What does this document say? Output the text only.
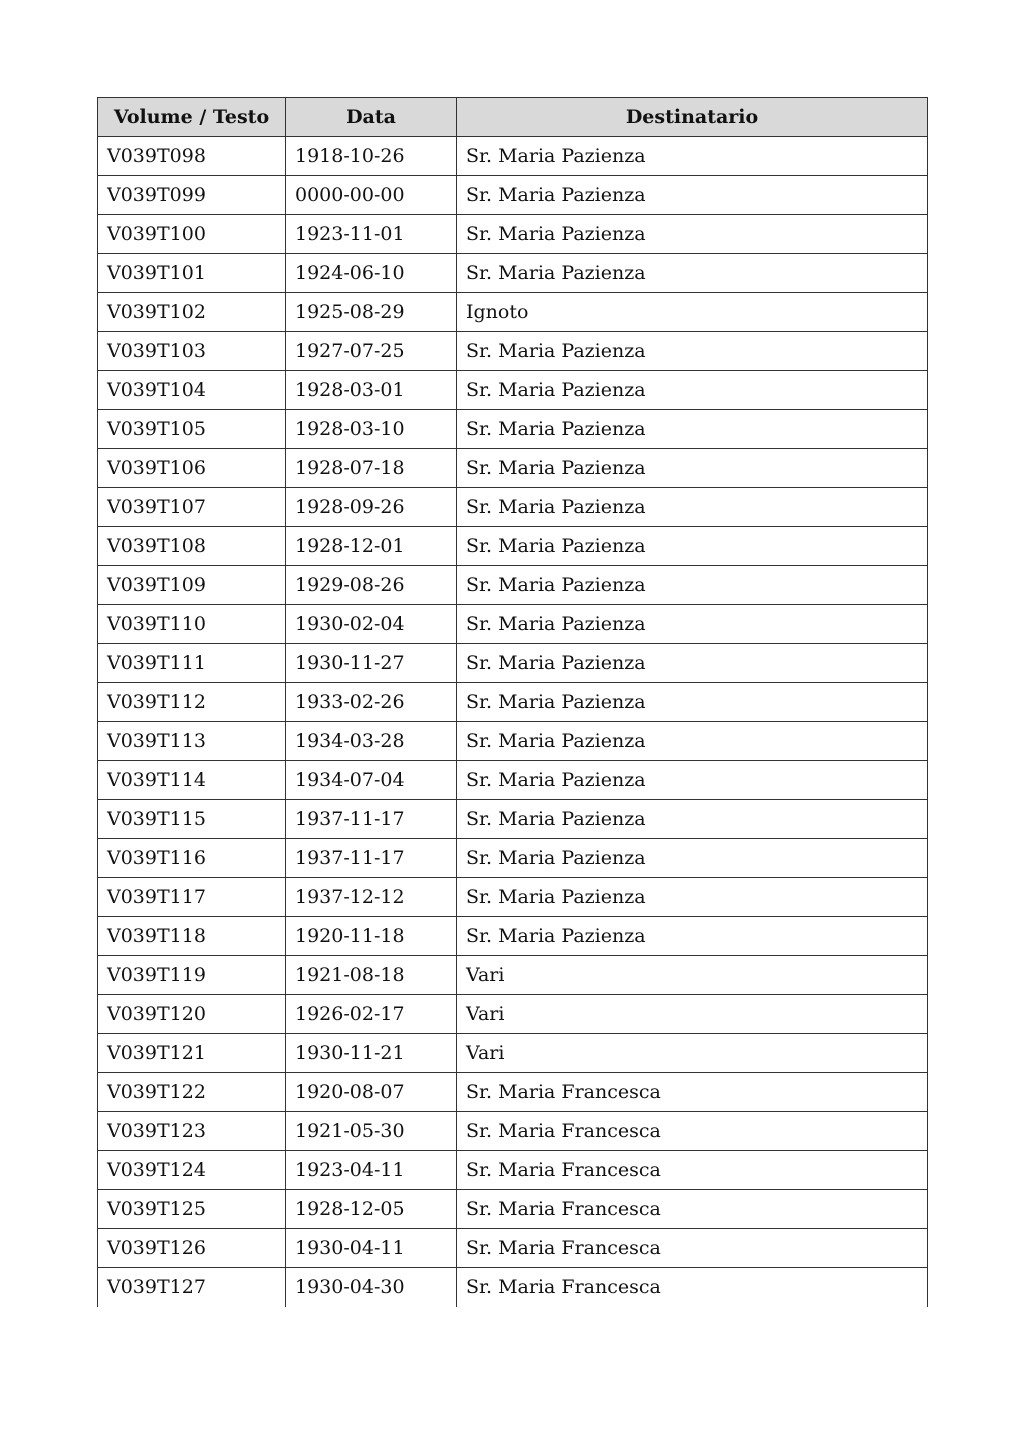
Volume / Testo	Data	Destinatario
V039T098	1918-10-26	Sr. Maria Pazienza
V039T099	0000-00-00	Sr. Maria Pazienza
V039T100	1923-11-01	Sr. Maria Pazienza
V039T101	1924-06-10	Sr. Maria Pazienza
V039T102	1925-08-29	Ignoto
V039T103	1927-07-25	Sr. Maria Pazienza
V039T104	1928-03-01	Sr. Maria Pazienza
V039T105	1928-03-10	Sr. Maria Pazienza
V039T106	1928-07-18	Sr. Maria Pazienza
V039T107	1928-09-26	Sr. Maria Pazienza
V039T108	1928-12-01	Sr. Maria Pazienza
V039T109	1929-08-26	Sr. Maria Pazienza
V039T110	1930-02-04	Sr. Maria Pazienza
V039T111	1930-11-27	Sr. Maria Pazienza
V039T112	1933-02-26	Sr. Maria Pazienza
V039T113	1934-03-28	Sr. Maria Pazienza
V039T114	1934-07-04	Sr. Maria Pazienza
V039T115	1937-11-17	Sr. Maria Pazienza
V039T116	1937-11-17	Sr. Maria Pazienza
V039T117	1937-12-12	Sr. Maria Pazienza
V039T118	1920-11-18	Sr. Maria Pazienza
V039T119	1921-08-18	Vari
V039T120	1926-02-17	Vari
V039T121	1930-11-21	Vari
V039T122	1920-08-07	Sr. Maria Francesca
V039T123	1921-05-30	Sr. Maria Francesca
V039T124	1923-04-11	Sr. Maria Francesca
V039T125	1928-12-05	Sr. Maria Francesca
V039T126	1930-04-11	Sr. Maria Francesca
V039T127	1930-04-30	Sr. Maria Francesca
